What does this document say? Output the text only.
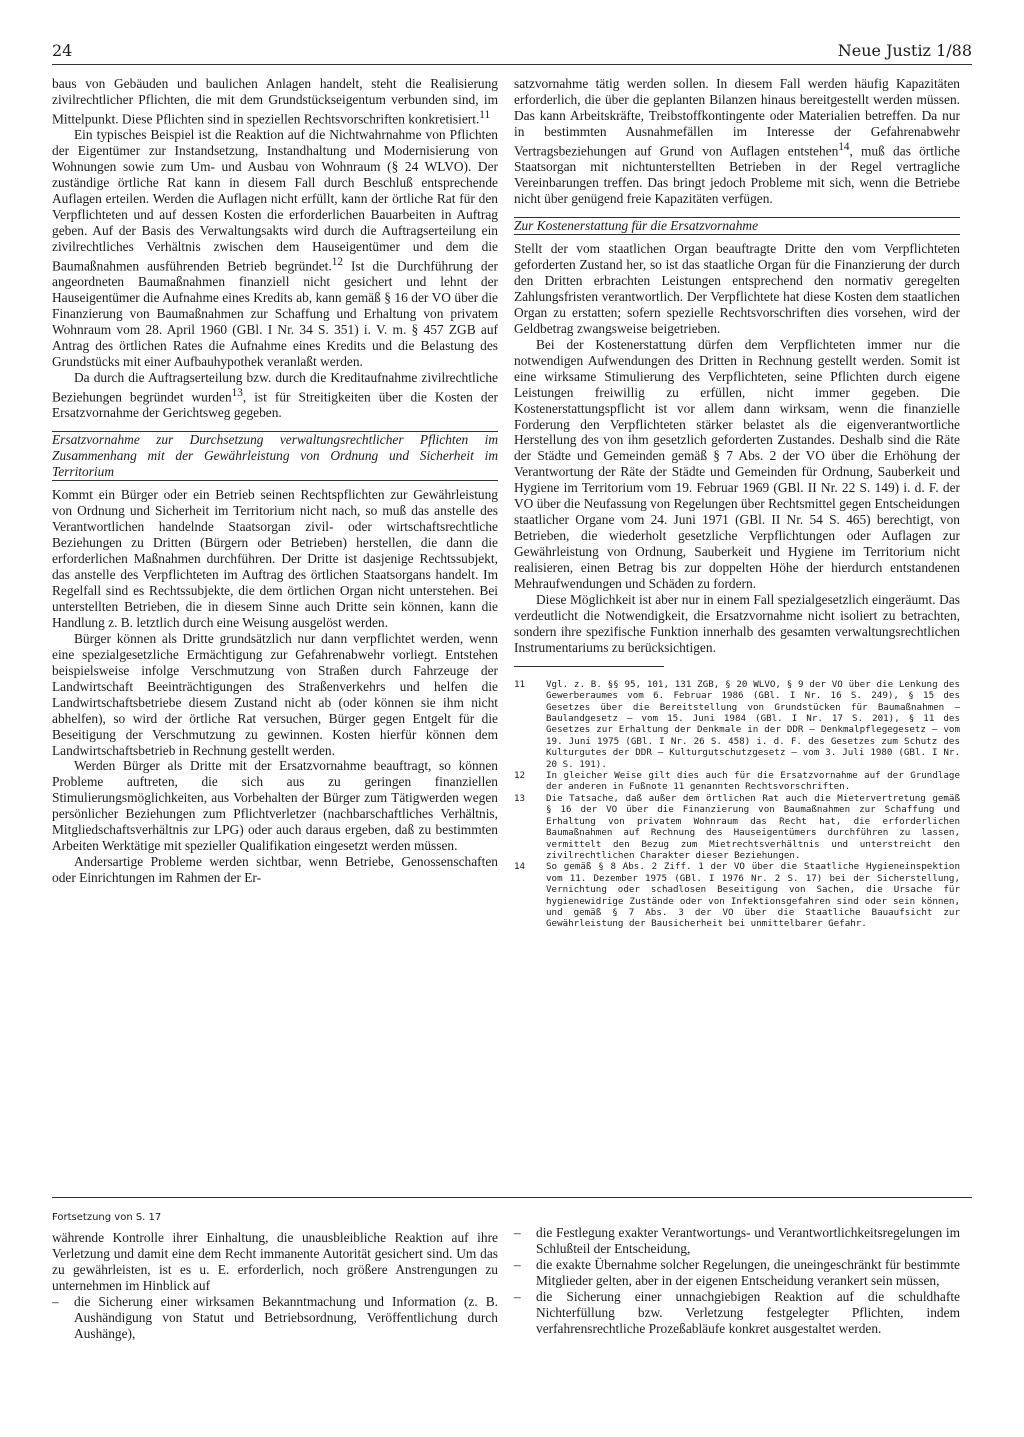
24	Neue Justiz 1/88

baus von Gebäuden und baulichen Anlagen handelt, steht die Realisierung zivilrechtlicher Pflichten, die mit dem Grundstückseigentum verbunden sind, im Mittelpunkt. Diese Pflichten sind in speziellen Rechtsvorschriften konkretisiert.$^{11}$

Ein typisches Beispiel ist die Reaktion auf die Nichtwahrnahme von Pflichten der Eigentümer zur Instandsetzung, Instandhaltung und Modernisierung von Wohnungen sowie zum Um- und Ausbau von Wohnraum (§ 24 WLVO). Der zuständige örtliche Rat kann in diesem Fall durch Beschluß entsprechende Auflagen erteilen. Werden die Auflagen nicht erfüllt, kann der örtliche Rat für den Verpflichteten und auf dessen Kosten die erforderlichen Bauarbeiten in Auftrag geben. Auf der Basis des Verwaltungsakts wird durch die Auftragserteilung ein zivilrechtliches Verhältnis zwischen dem Hauseigentümer und dem die Baumaßnahmen ausführenden Betrieb begründet.$^{12}$ Ist die Durchführung der angeordneten Baumaßnahmen finanziell nicht gesichert und lehnt der Hauseigentümer die Aufnahme eines Kredits ab, kann gemäß § 16 der VO über die Finanzierung von Baumaßnahmen zur Schaffung und Erhaltung von privatem Wohnraum vom 28. April 1960 (GBl. I Nr. 34 S. 351) i. V. m. § 457 ZGB auf Antrag des örtlichen Rates die Aufnahme eines Kredits und die Belastung des Grundstücks mit einer Aufbauhypothek veranlaßt werden.

Da durch die Auftragserteilung bzw. durch die Kreditaufnahme zivilrechtliche Beziehungen begründet wurden$^{13}$, ist für Streitigkeiten über die Kosten der Ersatzvornahme der Gerichtsweg gegeben.

Ersatzvornahme zur Durchsetzung verwaltungsrechtlicher Pflichten im Zusammenhang mit der Gewährleistung von Ordnung und Sicherheit im Territorium

Kommt ein Bürger oder ein Betrieb seinen Rechtspflichten zur Gewährleistung von Ordnung und Sicherheit im Territorium nicht nach, so muß das anstelle des Verantwortlichen handelnde Staatsorgan zivil- oder wirtschaftsrechtliche Beziehungen zu Dritten (Bürgern oder Betrieben) herstellen, die dann die erforderlichen Maßnahmen durchführen. Der Dritte ist dasjenige Rechtssubjekt, das anstelle des Verpflichteten im Auftrag des örtlichen Staatsorgans handelt. Im Regelfall sind es Rechtssubjekte, die dem örtlichen Organ nicht unterstehen. Bei unterstellten Betrieben, die in diesem Sinne auch Dritte sein können, kann die Handlung z. B. letztlich durch eine Weisung ausgelöst werden.

Bürger können als Dritte grundsätzlich nur dann verpflichtet werden, wenn eine spezialgesetzliche Ermächtigung zur Gefahrenabwehr vorliegt. Entstehen beispielsweise infolge Verschmutzung von Straßen durch Fahrzeuge der Landwirtschaft Beeinträchtigungen des Straßenverkehrs und helfen die Landwirtschaftsbetriebe diesem Zustand nicht ab (oder können sie ihm nicht abhelfen), so wird der örtliche Rat versuchen, Bürger gegen Entgelt für die Beseitigung der Verschmutzung zu gewinnen. Kosten hierfür können dem Landwirtschaftsbetrieb in Rechnung gestellt werden.

Werden Bürger als Dritte mit der Ersatzvornahme beauftragt, so können Probleme auftreten, die sich aus zu geringen finanziellen Stimulierungsmöglichkeiten, aus Vorbehalten der Bürger zum Tätigwerden wegen persönlicher Beziehungen zum Pflichtverletzer (nachbarschaftliches Verhältnis, Mitgliedschaftsverhältnis zur LPG) oder auch daraus ergeben, daß zu bestimmten Arbeiten Werktätige mit spezieller Qualifikation eingesetzt werden müssen.

Andersartige Probleme werden sichtbar, wenn Betriebe, Genossenschaften oder Einrichtungen im Rahmen der Er-

satzvornahme tätig werden sollen. In diesem Fall werden häufig Kapazitäten erforderlich, die über die geplanten Bilanzen hinaus bereitgestellt werden müssen. Das kann Arbeitskräfte, Treibstoffkontingente oder Materialien betreffen. Da nur in bestimmten Ausnahmefällen im Interesse der Gefahrenabwehr Vertragsbeziehungen auf Grund von Auflagen entstehen$^{14}$, muß das örtliche Staatsorgan mit nichtunterstellten Betrieben in der Regel vertragliche Vereinbarungen treffen. Das bringt jedoch Probleme mit sich, wenn die Betriebe nicht über genügend freie Kapazitäten verfügen.

Zur Kostenerstattung für die Ersatzvornahme

Stellt der vom staatlichen Organ beauftragte Dritte den vom Verpflichteten geforderten Zustand her, so ist das staatliche Organ für die Finanzierung der durch den Dritten erbrachten Leistungen entsprechend den normativ geregelten Zahlungsfristen verantwortlich. Der Verpflichtete hat diese Kosten dem staatlichen Organ zu erstatten; sofern spezielle Rechtsvorschriften dies vorsehen, wird der Geldbetrag zwangsweise beigetrieben.

Bei der Kostenerstattung dürfen dem Verpflichteten immer nur die notwendigen Aufwendungen des Dritten in Rechnung gestellt werden. Somit ist eine wirksame Stimulierung des Verpflichteten, seine Pflichten durch eigene Leistungen freiwillig zu erfüllen, nicht immer gegeben. Die Kostenerstattungspflicht ist vor allem dann wirksam, wenn die finanzielle Forderung den Verpflichteten stärker belastet als die eigenverantwortliche Herstellung des von ihm gesetzlich geforderten Zustandes. Deshalb sind die Räte der Städte und Gemeinden gemäß § 7 Abs. 2 der VO über die Erhöhung der Verantwortung der Räte der Städte und Gemeinden für Ordnung, Sauberkeit und Hygiene im Territorium vom 19. Februar 1969 (GBl. II Nr. 22 S. 149) i. d. F. der VO über die Neufassung von Regelungen über Rechtsmittel gegen Entscheidungen staatlicher Organe vom 24. Juni 1971 (GBl. II Nr. 54 S. 465) berechtigt, von Betrieben, die wiederholt gesetzliche Verpflichtungen oder Auflagen zur Gewährleistung von Ordnung, Sauberkeit und Hygiene im Territorium nicht realisieren, einen Betrag bis zur doppelten Höhe der hierdurch entstandenen Mehraufwendungen und Schäden zu fordern.

Diese Möglichkeit ist aber nur in einem Fall spezialgesetzlich eingeräumt. Das verdeutlicht die Notwendigkeit, die Ersatzvornahme nicht isoliert zu betrachten, sondern ihre spezifische Funktion innerhalb des gesamten verwaltungsrechtlichen Instrumentariums zu berücksichtigen.

11	Vgl. z. B. §§ 95, 101, 131 ZGB, § 20 WLVO, § 9 der VO über die Lenkung des Gewerberaumes vom 6. Februar 1986 (GBl. I Nr. 16 S. 249), § 15 des Gesetzes über die Bereitstellung von Grundstücken für Baumaßnahmen – Baulandgesetz – vom 15. Juni 1984 (GBl. I Nr. 17 S. 201), § 11 des Gesetzes zur Erhaltung der Denkmale in der DDR – Denkmalpflegegesetz – vom 19. Juni 1975 (GBl. I Nr. 26 S. 458) i. d. F. des Gesetzes zum Schutz des Kulturgutes der DDR – Kulturgutschutzgesetz – vom 3. Juli 1980 (GBl. I Nr. 20 S. 191).
12	In gleicher Weise gilt dies auch für die Ersatzvornahme auf der Grundlage der anderen in Fußnote 11 genannten Rechtsvorschriften.
13	Die Tatsache, daß außer dem örtlichen Rat auch die Mietervertretung gemäß § 16 der VO über die Finanzierung von Baumaßnahmen zur Schaffung und Erhaltung von privatem Wohnraum das Recht hat, die erforderlichen Baumaßnahmen auf Rechnung des Hauseigentümers durchführen zu lassen, vermittelt den Bezug zum Mietrechtsverhältnis und unterstreicht den zivilrechtlichen Charakter dieser Beziehungen.
14	So gemäß § 8 Abs. 2 Ziff. 1 der VO über die Staatliche Hygieneinspektion vom 11. Dezember 1975 (GBl. I 1976 Nr. 2 S. 17) bei der Sicherstellung, Vernichtung oder schadlosen Beseitigung von Sachen, die Ursache für hygienewidrige Zustände oder von Infektionsgefahren sind oder sein können, und gemäß § 7 Abs. 3 der VO über die Staatliche Bauaufsicht zur Gewährleistung der Bausicherheit bei unmittelbarer Gefahr.
Fortsetzung von S. 17

währende Kontrolle ihrer Einhaltung, die unausbleibliche Reaktion auf ihre Verletzung und damit eine dem Recht immanente Autorität gesichert sind. Um das zu gewährleisten, ist es u. E. erforderlich, noch größere Anstrengungen zu unternehmen im Hinblick auf

–	die Sicherung einer wirksamen Bekanntmachung und Information (z. B. Aushändigung von Statut und Betriebsordnung, Veröffentlichung durch Aushänge),
–	die Festlegung exakter Verantwortungs- und Verantwortlichkeitsregelungen im Schlußteil der Entscheidung,
–	die exakte Übernahme solcher Regelungen, die uneingeschränkt für bestimmte Mitglieder gelten, aber in der eigenen Entscheidung verankert sein müssen,
–	die Sicherung einer unnachgiebigen Reaktion auf die schuldhafte Nichterfüllung bzw. Verletzung festgelegter Pflichten, indem verfahrensrechtliche Prozeßabläufe konkret ausgestaltet werden.
